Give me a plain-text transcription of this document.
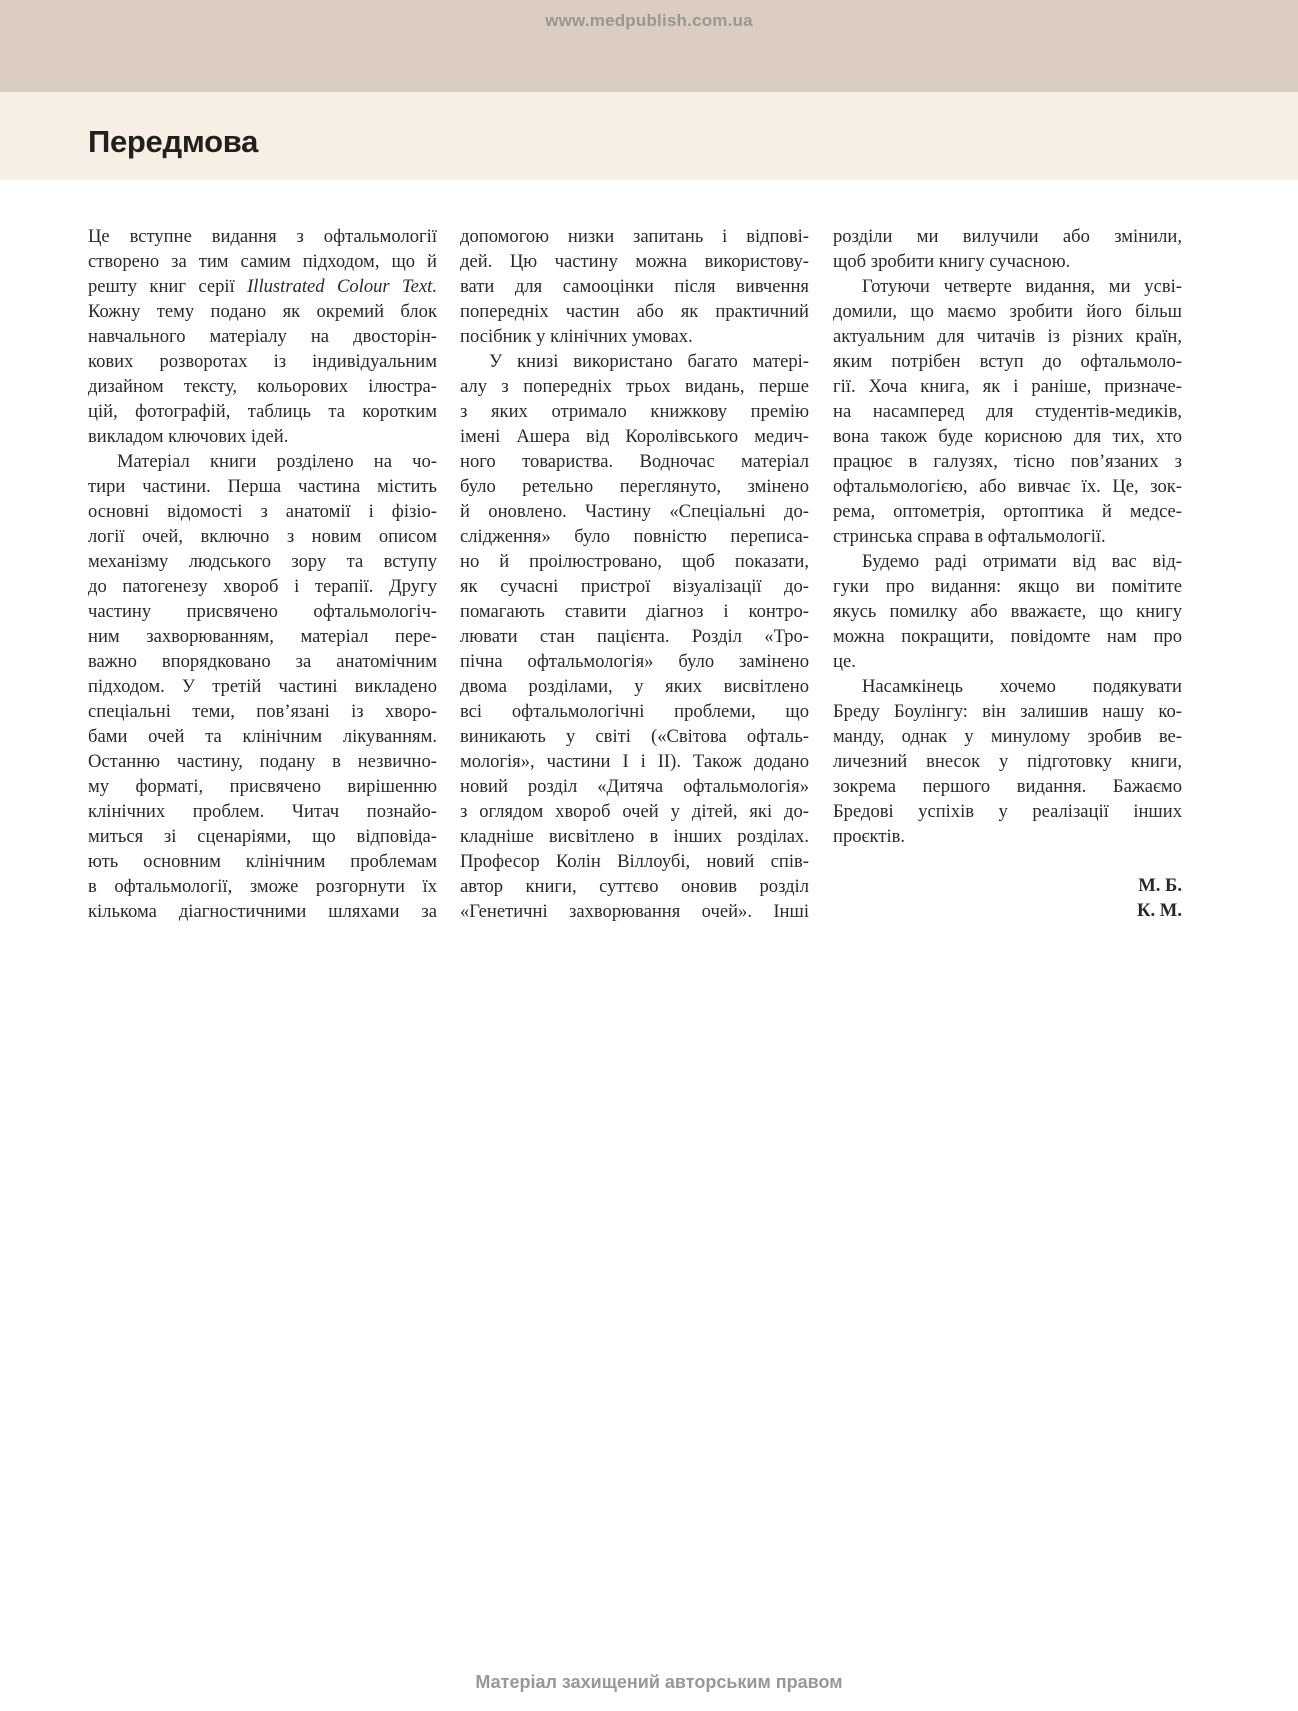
www.medpublish.com.ua
Передмова
Це вступне видання з офтальмології
створено за тим самим підходом, що й
решту книг серії Illustrated Colour Text.
Кожну тему подано як окремий блок
навчального матеріалу на двосторін-
кових розворотах із індивідуальним
дизайном тексту, кольорових ілюстра-
цій, фотографій, таблиць та коротким
викладом ключових ідей.
Матеріал книги розділено на чо-
тири частини. Перша частина містить
основні відомості з анатомії і фізіо-
логії очей, включно з новим описом
механізму людського зору та вступу
до патогенезу хвороб і терапії. Другу
частину присвячено офтальмологіч-
ним захворюванням, матеріал пере-
важно впорядковано за анатомічним
підходом. У третій частині викладено
спеціальні теми, пов’язані із хворо-
бами очей та клінічним лікуванням.
Останню частину, подану в незвично-
му форматі, присвячено вирішенню
клінічних проблем. Читач познайо-
миться зі сценаріями, що відповіда-
ють основним клінічним проблемам
в офтальмології, зможе розгорнути їх
кількома діагностичними шляхами за
допомогою низки запитань і відпові-
дей. Цю частину можна використову-
вати для самооцінки після вивчення
попередніх частин або як практичний
посібник у клінічних умовах.
У книзі використано багато матері-
алу з попередніх трьох видань, перше
з яких отримало книжкову премію
імені Ашера від Королівського медич-
ного товариства. Водночас матеріал
було ретельно переглянуто, змінено
й оновлено. Частину «Спеціальні до-
слідження» було повністю переписа-
но й проілюстровано, щоб показати,
як сучасні пристрої візуалізації до-
помагають ставити діагноз і контро-
лювати стан пацієнта. Розділ «Тро-
пічна офтальмологія» було замінено
двома розділами, у яких висвітлено
всі офтальмологічні проблеми, що
виникають у світі («Світова офталь-
мологія», частини I і II). Також додано
новий розділ «Дитяча офтальмологія»
з оглядом хвороб очей у дітей, які до-
кладніше висвітлено в інших розділах.
Професор Колін Віллоубі, новий спів-
автор книги, суттєво оновив розділ
«Генетичні захворювання очей». Інші
розділи ми вилучили або змінили,
щоб зробити книгу сучасною.
Готуючи четверте видання, ми усві-
домили, що маємо зробити його більш
актуальним для читачів із різних країн,
яким потрібен вступ до офтальмоло-
гії. Хоча книга, як і раніше, призначе-
на насамперед для студентів-медиків,
вона також буде корисною для тих, хто
працює в галузях, тісно пов’язаних з
офтальмологією, або вивчає їх. Це, зок-
рема, оптометрія, ортоптика й медсе-
стринська справа в офтальмології.
Будемо раді отримати від вас від-
гуки про видання: якщо ви помітите
якусь помилку або вважаєте, що книгу
можна покращити, повідомте нам про
це.
Насамкінець хочемо подякувати
Бреду Боулінгу: він залишив нашу ко-
манду, однак у минулому зробив ве-
личезний внесок у підготовку книги,
зокрема першого видання. Бажаємо
Бредові успіхів у реалізації інших
проєктів.
М. Б.
К. М.
Матеріал захищений авторським правом
